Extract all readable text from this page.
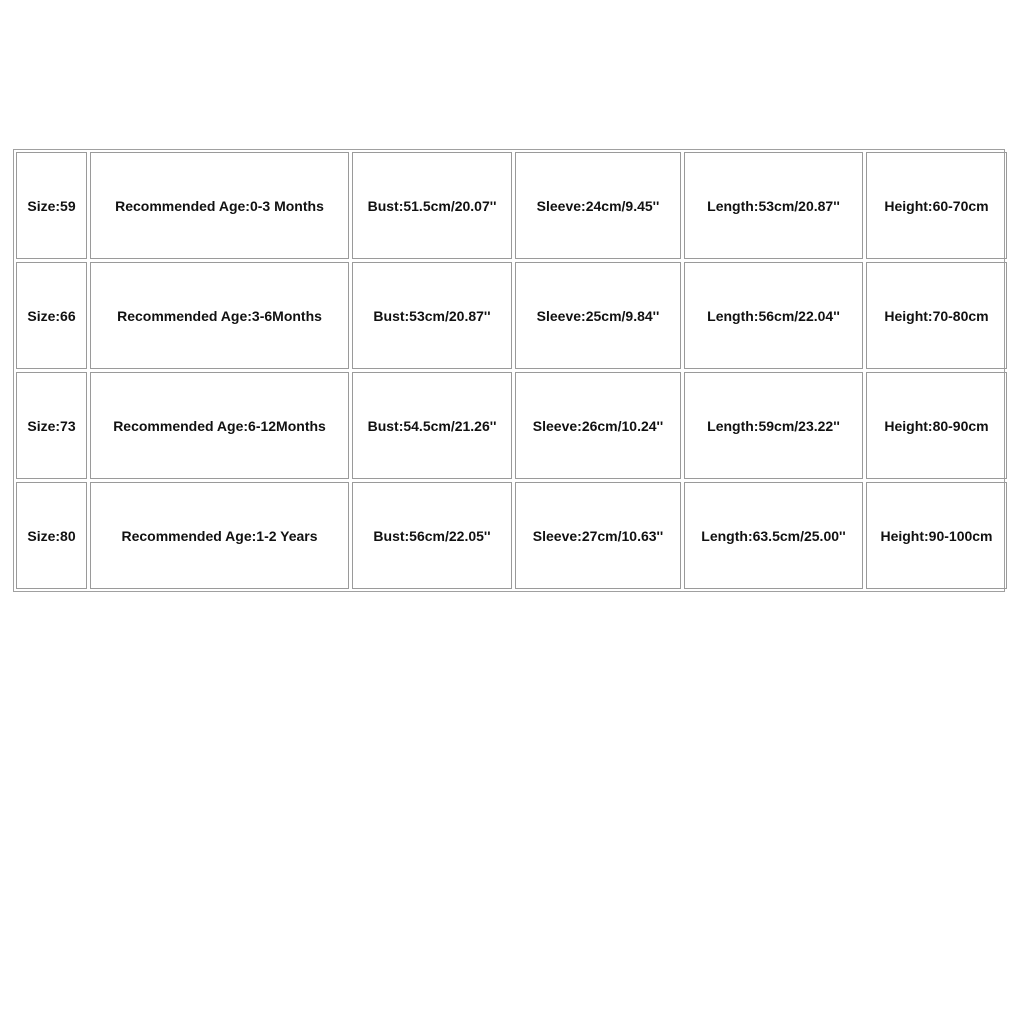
Size:59	Recommended Age:0-3 Months	Bust:51.5cm/20.07''	Sleeve:24cm/9.45''	Length:53cm/20.87''	Height:60-70cm
Size:66	Recommended Age:3-6Months	Bust:53cm/20.87''	Sleeve:25cm/9.84''	Length:56cm/22.04''	Height:70-80cm
Size:73	Recommended Age:6-12Months	Bust:54.5cm/21.26''	Sleeve:26cm/10.24''	Length:59cm/23.22''	Height:80-90cm
Size:80	Recommended Age:1-2 Years	Bust:56cm/22.05''	Sleeve:27cm/10.63''	Length:63.5cm/25.00''	Height:90-100cm
